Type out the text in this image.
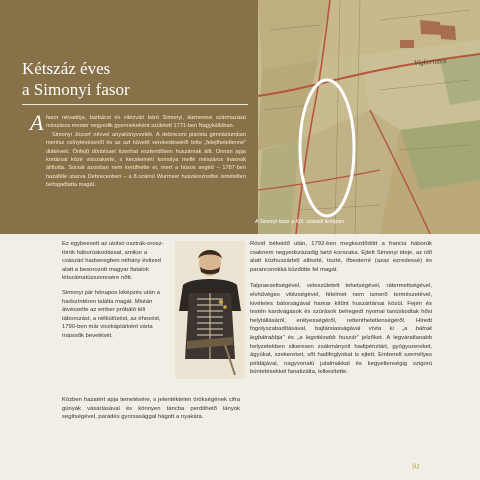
Kétszáz éves
a Simonyi fasor

Afasor névadója, barbácsi és vitézvári báró Simonyi, kismenesi származású mészáros mester negyedik gyermekeként született 1771-ben Nagykállóban.

Simonyi József névvel anyakönyvezték. A debreceni piarista gimnáziumban merész csínytevéseiről és az azt követő verekedéseiről tette „felejthetetlenné” diákéveit. Önfejű döntéssel tizenhat esztendősen huszárnak állt. Onnan apja kortársai közé visszakerte, s kecskeméti komolya mellé mészáros inasnak állította. Sorsát azonban nem kerülhette el, mert a húsos segéd – 1787-ben hazáféle utazva Debrecenben – a 8.számú Wurmser huszárezredbe ismételten befogadtatta magát.

A Simonyi fasor a XIX. századi térképen
Vígkertutca

Ez egybeesett az utolsó osztrák-orosz-török háborúskodással, amikor a császári hadseregben néhány évtized alatt a besorozott magyar fiatalok létszámatúzszeresére nőtt.

Simonyi pár hónapos kiképzés után a hadszíntéren találta magát. Miután átvészelte az ember próbáló téli táborozást, a nélkülözést, az éhezést, 1790-ben már vicekáplárként várta második bevetését.

Közben hazatért apja temetésére, s jelentéktelen örökségének cifra gúnyák vásárlásával és könnyen táncba perdíthető lányok segítségével, parádés gyorsasággal hágott a nyakára.

Rövid békeidő után, 1792-ben megkezdődött a francia háborúk csaknem negyedszázadig tartó korszaka. Ejtett Simonyi ideje, az idő alatt közhuszárból altiszté, tiszté, őbesterré (azaz ezredessé) és parancsnokká küzdötte fel magát.

Talpraesettségével, veleszületett tehetségével, rátermettségével, elvhűvéges vitézségével, félelmet nem ismerő természetével, kivételes bátorságával hamar kitűnt huszártársai közül. Fején és testén kardvágások és szúrások behegedt nyomai tanúskodtak hősi helytállásáról, erélyességéről, rettenthetetlenségéről. Híredt fogolyszabadításával, bajtársiasságával vívta ki „a bátrak legbátrabbja” és „a legvitézebb huszár” jelzőket. A legváratlanabb helyzetekben sikeresen zsákmányolt hadipénztárt, gyógyszereket, ágyúkat, szekereket, sőt hadifoglyokat is ejtett. Emberelt személyes példájával, nagyvonalú jutalmakkal és kegyetlenségig szigorú büntetésekkel fanatizálta, lelkesítette.

91
